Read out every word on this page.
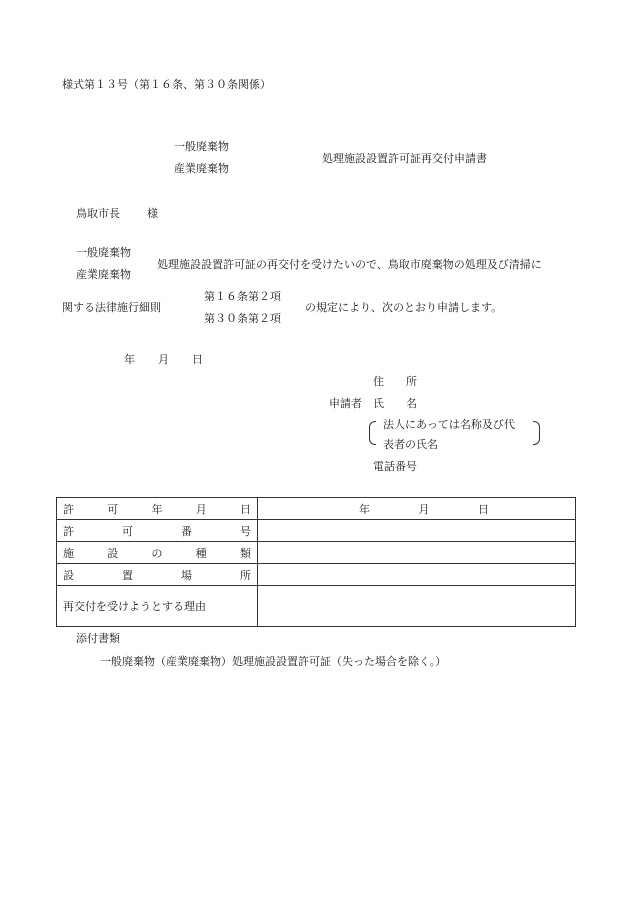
様式第１３号（第１６条、第３０条関係）
一般廃棄物
産業廃棄物
処理施設設置許可証再交付申請書
鳥取市長 様
一般廃棄物
産業廃棄物
処理施設設置許可証の再交付を受けたいので、鳥取市廃棄物の処理及び清掃に
関する法律施行細則
第１６条第２項
第３０条第２項
の規定により、次のとおり申請します。
年 月 日
住 所
申請者 氏 名
法人にあっては名称及び代
表者の氏名
電話番号
許 可 年 月 日	年 月 日

許 可 番 号	

施 設 の 種 類	

設 置 場 所	

再交付を受けようとする理由	
添付書類
一般廃棄物（産業廃棄物）処理施設設置許可証（失った場合を除く。）
